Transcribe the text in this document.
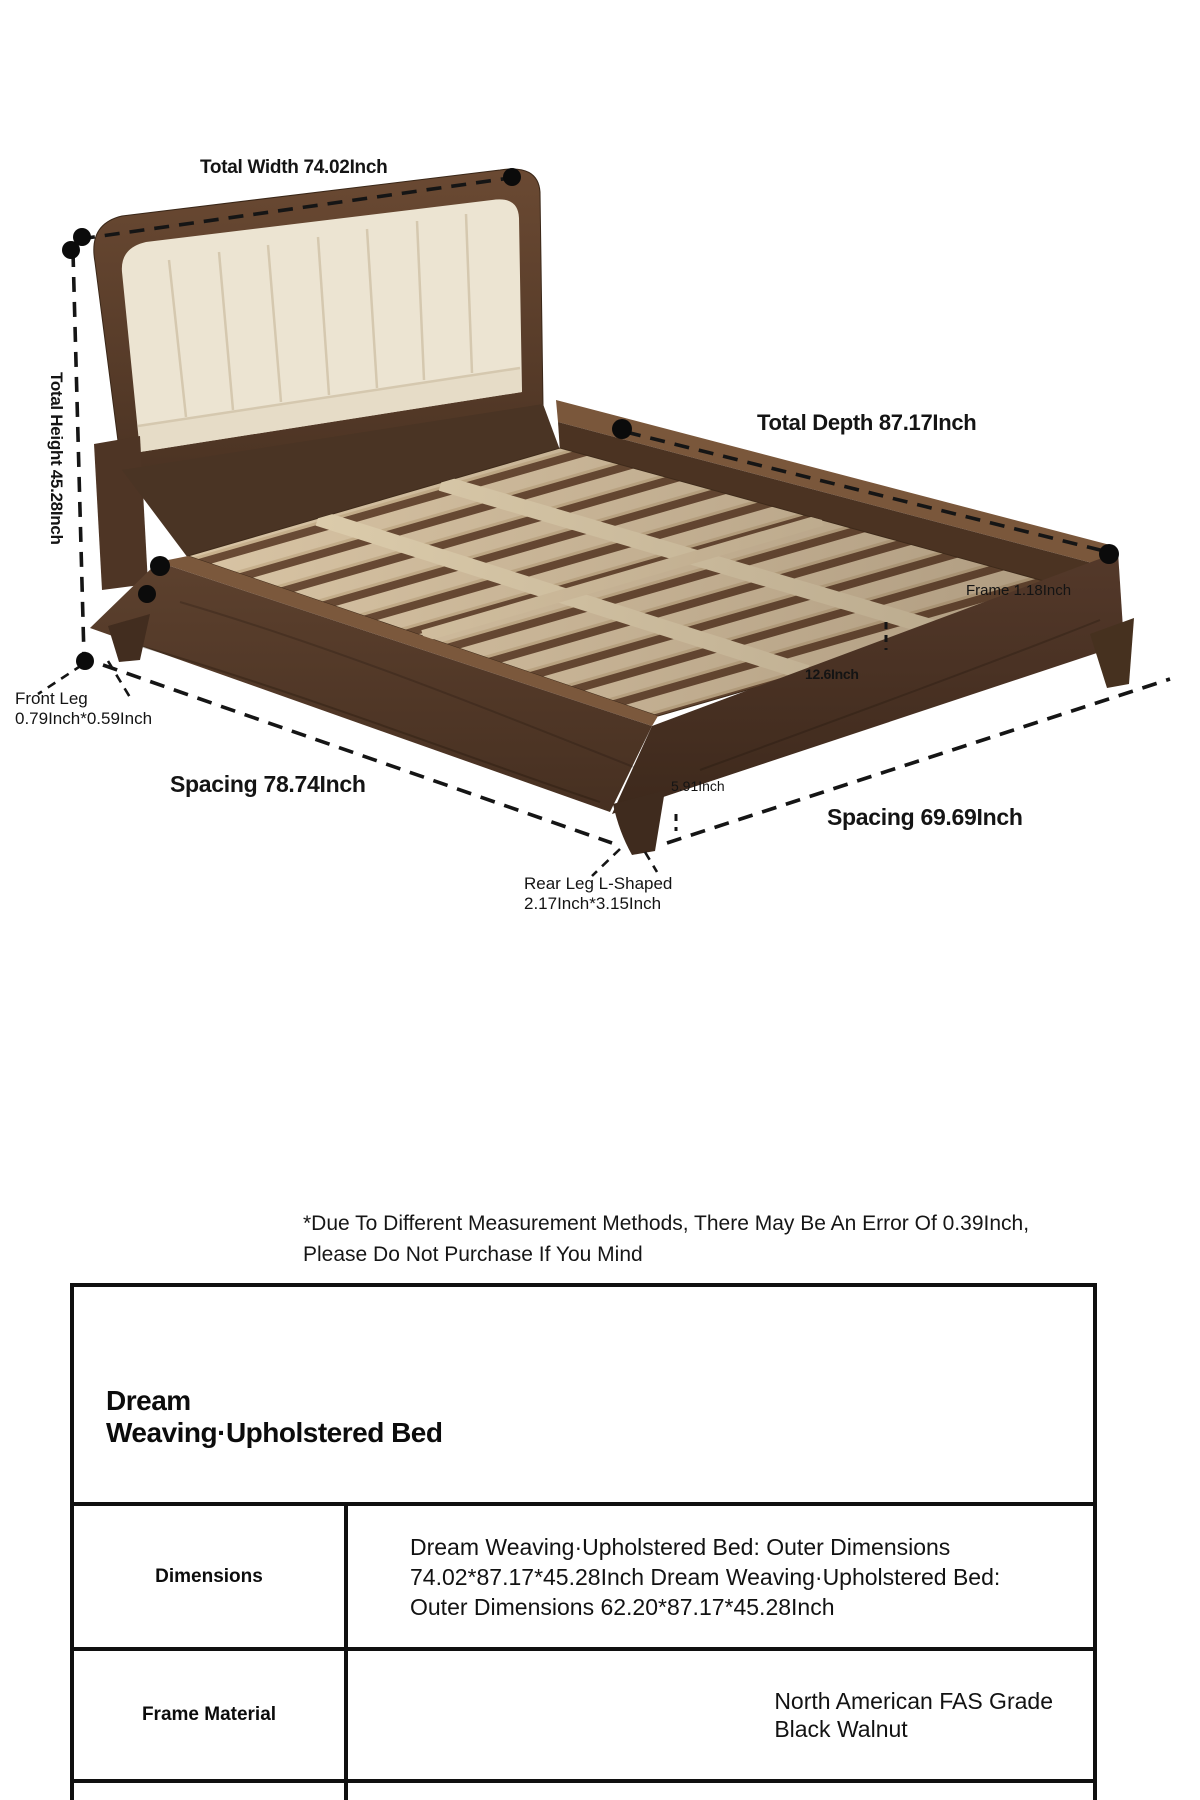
Total Width 74.02Inch
Total Height 45.28Inch	Total Depth 87.17Inch
Frame 1.18Inch
12.6Inch
5.91Inch
Spacing 78.74Inch
Spacing 69.69Inch
Front Leg
0.79Inch*0.59Inch
Rear Leg L-Shaped
2.17Inch*3.15Inch
*Due To Different Measurement Methods, There May Be An Error Of 0.39Inch,
Please Do Not Purchase If You Mind
Dream
Weaving·Upholstered Bed
Dimensions
Dream Weaving·Upholstered Bed: Outer Dimensions 74.02*87.17*45.28Inch Dream Weaving·Upholstered Bed: Outer Dimensions 62.20*87.17*45.28Inch
Frame Material
North American FAS Grade
Black Walnut
